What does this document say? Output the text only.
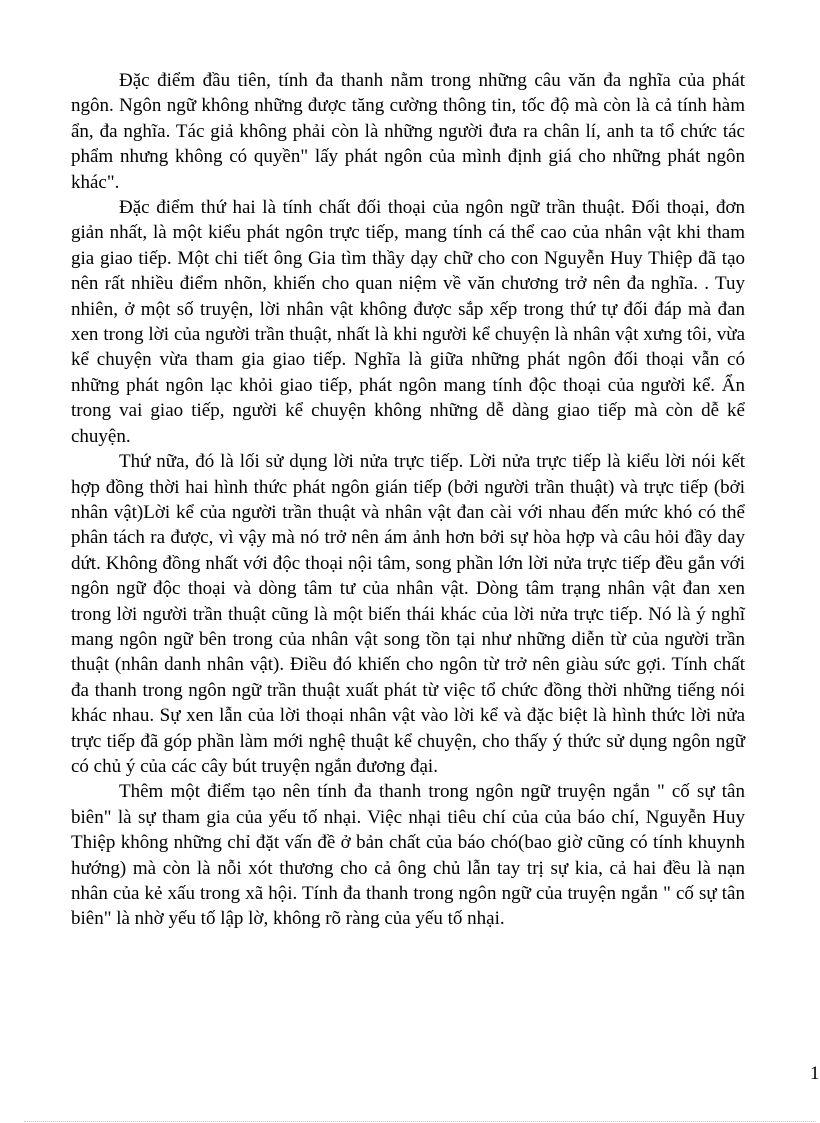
Đặc điểm đầu tiên, tính đa thanh nằm trong những câu văn đa nghĩa của phát ngôn. Ngôn ngữ không những được tăng cường thông tin, tốc độ mà còn là cả tính hàm ẩn, đa nghĩa. Tác giả không phải còn là những người đưa ra chân lí, anh ta tổ chức tác phẩm nhưng không có quyền" lấy phát ngôn của mình định giá cho những phát ngôn khác".

Đặc điểm thứ hai là tính chất đối thoại của ngôn ngữ trần thuật. Đối thoại, đơn giản nhất, là một kiểu phát ngôn trực tiếp, mang tính cá thể cao của nhân vật khi tham gia giao tiếp. Một chi tiết ông Gia tìm thầy dạy chữ cho con Nguyễn Huy Thiệp đã tạo nên rất nhiều điểm nhõn, khiến cho quan niệm về văn chương trở nên đa nghĩa. . Tuy nhiên, ở một số truyện, lời nhân vật không được sắp xếp trong thứ tự đối đáp mà đan xen trong lời của người trần thuật, nhất là khi người kể chuyện là nhân vật xưng tôi, vừa kể chuyện vừa tham gia giao tiếp. Nghĩa là giữa những phát ngôn đối thoại vẫn có những phát ngôn lạc khỏi giao tiếp, phát ngôn mang tính độc thoại của người kể. Ẩn trong vai giao tiếp, người kể chuyện không những dễ dàng giao tiếp mà còn dễ kể chuyện.

Thứ nữa, đó là lối sử dụng lời nửa trực tiếp. Lời nửa trực tiếp là kiểu lời nói kết hợp đồng thời hai hình thức phát ngôn gián tiếp (bởi người trần thuật) và trực tiếp (bởi nhân vật)Lời kể của người trần thuật và nhân vật đan cài với nhau đến mức khó có thể phân tách ra được, vì vậy mà nó trở nên ám ảnh hơn bởi sự hòa hợp và câu hỏi đầy day dứt. Không đồng nhất với độc thoại nội tâm, song phần lớn lời nửa trực tiếp đều gắn với ngôn ngữ độc thoại và dòng tâm tư của nhân vật. Dòng tâm trạng nhân vật đan xen trong lời người trần thuật cũng là một biến thái khác của lời nửa trực tiếp. Nó là ý nghĩ mang ngôn ngữ bên trong của nhân vật song tồn tại như những diễn từ của người trần thuật (nhân danh nhân vật). Điều đó khiến cho ngôn từ trở nên giàu sức gợi. Tính chất đa thanh trong ngôn ngữ trần thuật xuất phát từ việc tổ chức đồng thời những tiếng nói khác nhau. Sự xen lẫn của lời thoại nhân vật vào lời kể và đặc biệt là hình thức lời nửa trực tiếp đã góp phần làm mới nghệ thuật kể chuyện, cho thấy ý thức sử dụng ngôn ngữ có chủ ý của các cây bút truyện ngắn đương đại.

Thêm một điểm tạo nên tính đa thanh trong ngôn ngữ truyện ngắn " cố sự tân biên" là sự tham gia của yếu tố nhại. Việc nhại tiêu chí của của báo chí, Nguyễn Huy Thiệp không những chỉ đặt vấn đề ở bản chất của báo chó(bao giờ cũng có tính khuynh hướng) mà còn là nỗi xót thương cho cả ông chủ lẫn tay trị sự kia, cả hai đều là nạn nhân của kẻ xấu trong xã hội. Tính đa thanh trong ngôn ngữ của truyện ngắn " cố sự tân biên" là nhờ yếu tố lập lờ, không rõ ràng của yếu tố nhại.

1
